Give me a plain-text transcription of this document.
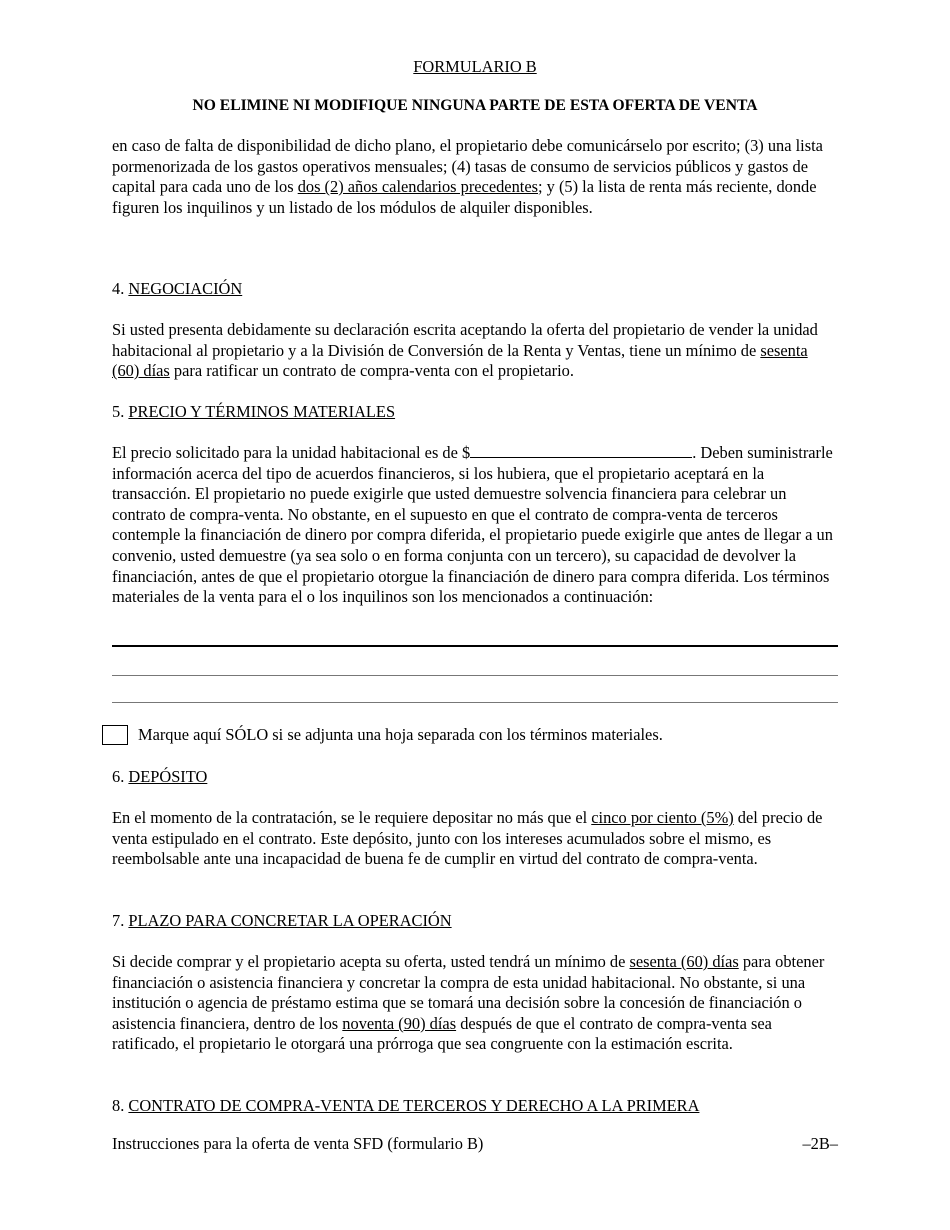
FORMULARIO B
NO ELIMINE NI MODIFIQUE NINGUNA PARTE DE ESTA OFERTA DE VENTA

en caso de falta de disponibilidad de dicho plano, el propietario debe comunicárselo por escrito; (3) una lista pormenorizada de los gastos operativos mensuales; (4) tasas de consumo de servicios públicos y gastos de capital para cada uno de los dos (2) años calendarios precedentes; y (5) la lista de renta más reciente, donde figuren los inquilinos y un listado de los módulos de alquiler disponibles.

4. NEGOCIACIÓN

Si usted presenta debidamente su declaración escrita aceptando la oferta del propietario de vender la unidad habitacional al propietario y a la División de Conversión de la Renta y Ventas, tiene un mínimo de sesenta (60) días para ratificar un contrato de compra-venta con el propietario.

5. PRECIO Y TÉRMINOS MATERIALES

El precio solicitado para la unidad habitacional es de $	. Deben suministrarle información acerca del tipo de acuerdos financieros, si los hubiera, que el propietario aceptará en la transacción. El propietario no puede exigirle que usted demuestre solvencia financiera para celebrar un contrato de compra-venta. No obstante, en el supuesto en que el contrato de compra-venta de terceros contemple la financiación de dinero por compra diferida, el propietario puede exigirle que antes de llegar a un convenio, usted demuestre (ya sea solo o en forma conjunta con un tercero), su capacidad de devolver la financiación, antes de que el propietario otorgue la financiación de dinero para compra diferida. Los términos materiales de la venta para el o los inquilinos son los mencionados a continuación:

Marque aquí SÓLO si se adjunta una hoja separada con los términos materiales.

6. DEPÓSITO

En el momento de la contratación, se le requiere depositar no más que el cinco por ciento (5%) del precio de venta estipulado en el contrato. Este depósito, junto con los intereses acumulados sobre el mismo, es reembolsable ante una incapacidad de buena fe de cumplir en virtud del contrato de compra-venta.

7. PLAZO PARA CONCRETAR LA OPERACIÓN

Si decide comprar y el propietario acepta su oferta, usted tendrá un mínimo de sesenta (60) días para obtener financiación o asistencia financiera y concretar la compra de esta unidad habitacional. No obstante, si una institución o agencia de préstamo estima que se tomará una decisión sobre la concesión de financiación o asistencia financiera, dentro de los noventa (90) días después de que el contrato de compra-venta sea ratificado, el propietario le otorgará una prórroga que sea congruente con la estimación escrita.

8. CONTRATO DE COMPRA-VENTA DE TERCEROS Y DERECHO A LA PRIMERA

Instrucciones para la oferta de venta SFD (formulario B)	–2B–
